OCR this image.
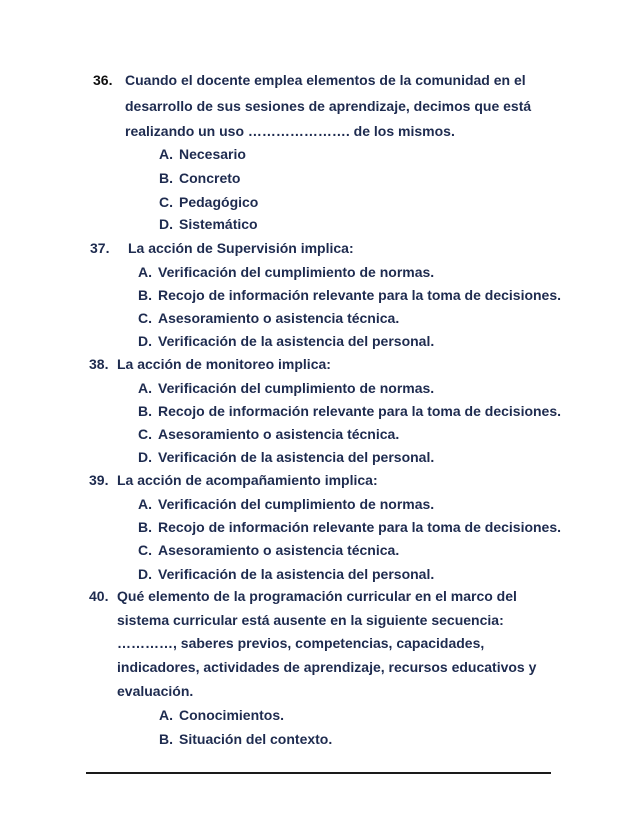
36. Cuando el docente emplea elementos de la comunidad en el
desarrollo de sus sesiones de aprendizaje, decimos que está
realizando un uso …………………. de los mismos.
A. Necesario
B. Concreto
C. Pedagógico
D. Sistemático
37. La acción de Supervisión implica:
A. Verificación del cumplimiento de normas.
B. Recojo de información relevante para la toma de decisiones.
C. Asesoramiento o asistencia técnica.
D. Verificación de la asistencia del personal.
38. La acción de monitoreo implica:
A. Verificación del cumplimiento de normas.
B. Recojo de información relevante para la toma de decisiones.
C. Asesoramiento o asistencia técnica.
D. Verificación de la asistencia del personal.
39. La acción de acompañamiento implica:
A. Verificación del cumplimiento de normas.
B. Recojo de información relevante para la toma de decisiones.
C. Asesoramiento o asistencia técnica.
D. Verificación de la asistencia del personal.
40. Qué elemento de la programación curricular en el marco del
sistema curricular está ausente en la siguiente secuencia:
…………, saberes previos, competencias, capacidades,
indicadores, actividades de aprendizaje, recursos educativos y
evaluación.
A. Conocimientos.
B. Situación del contexto.
